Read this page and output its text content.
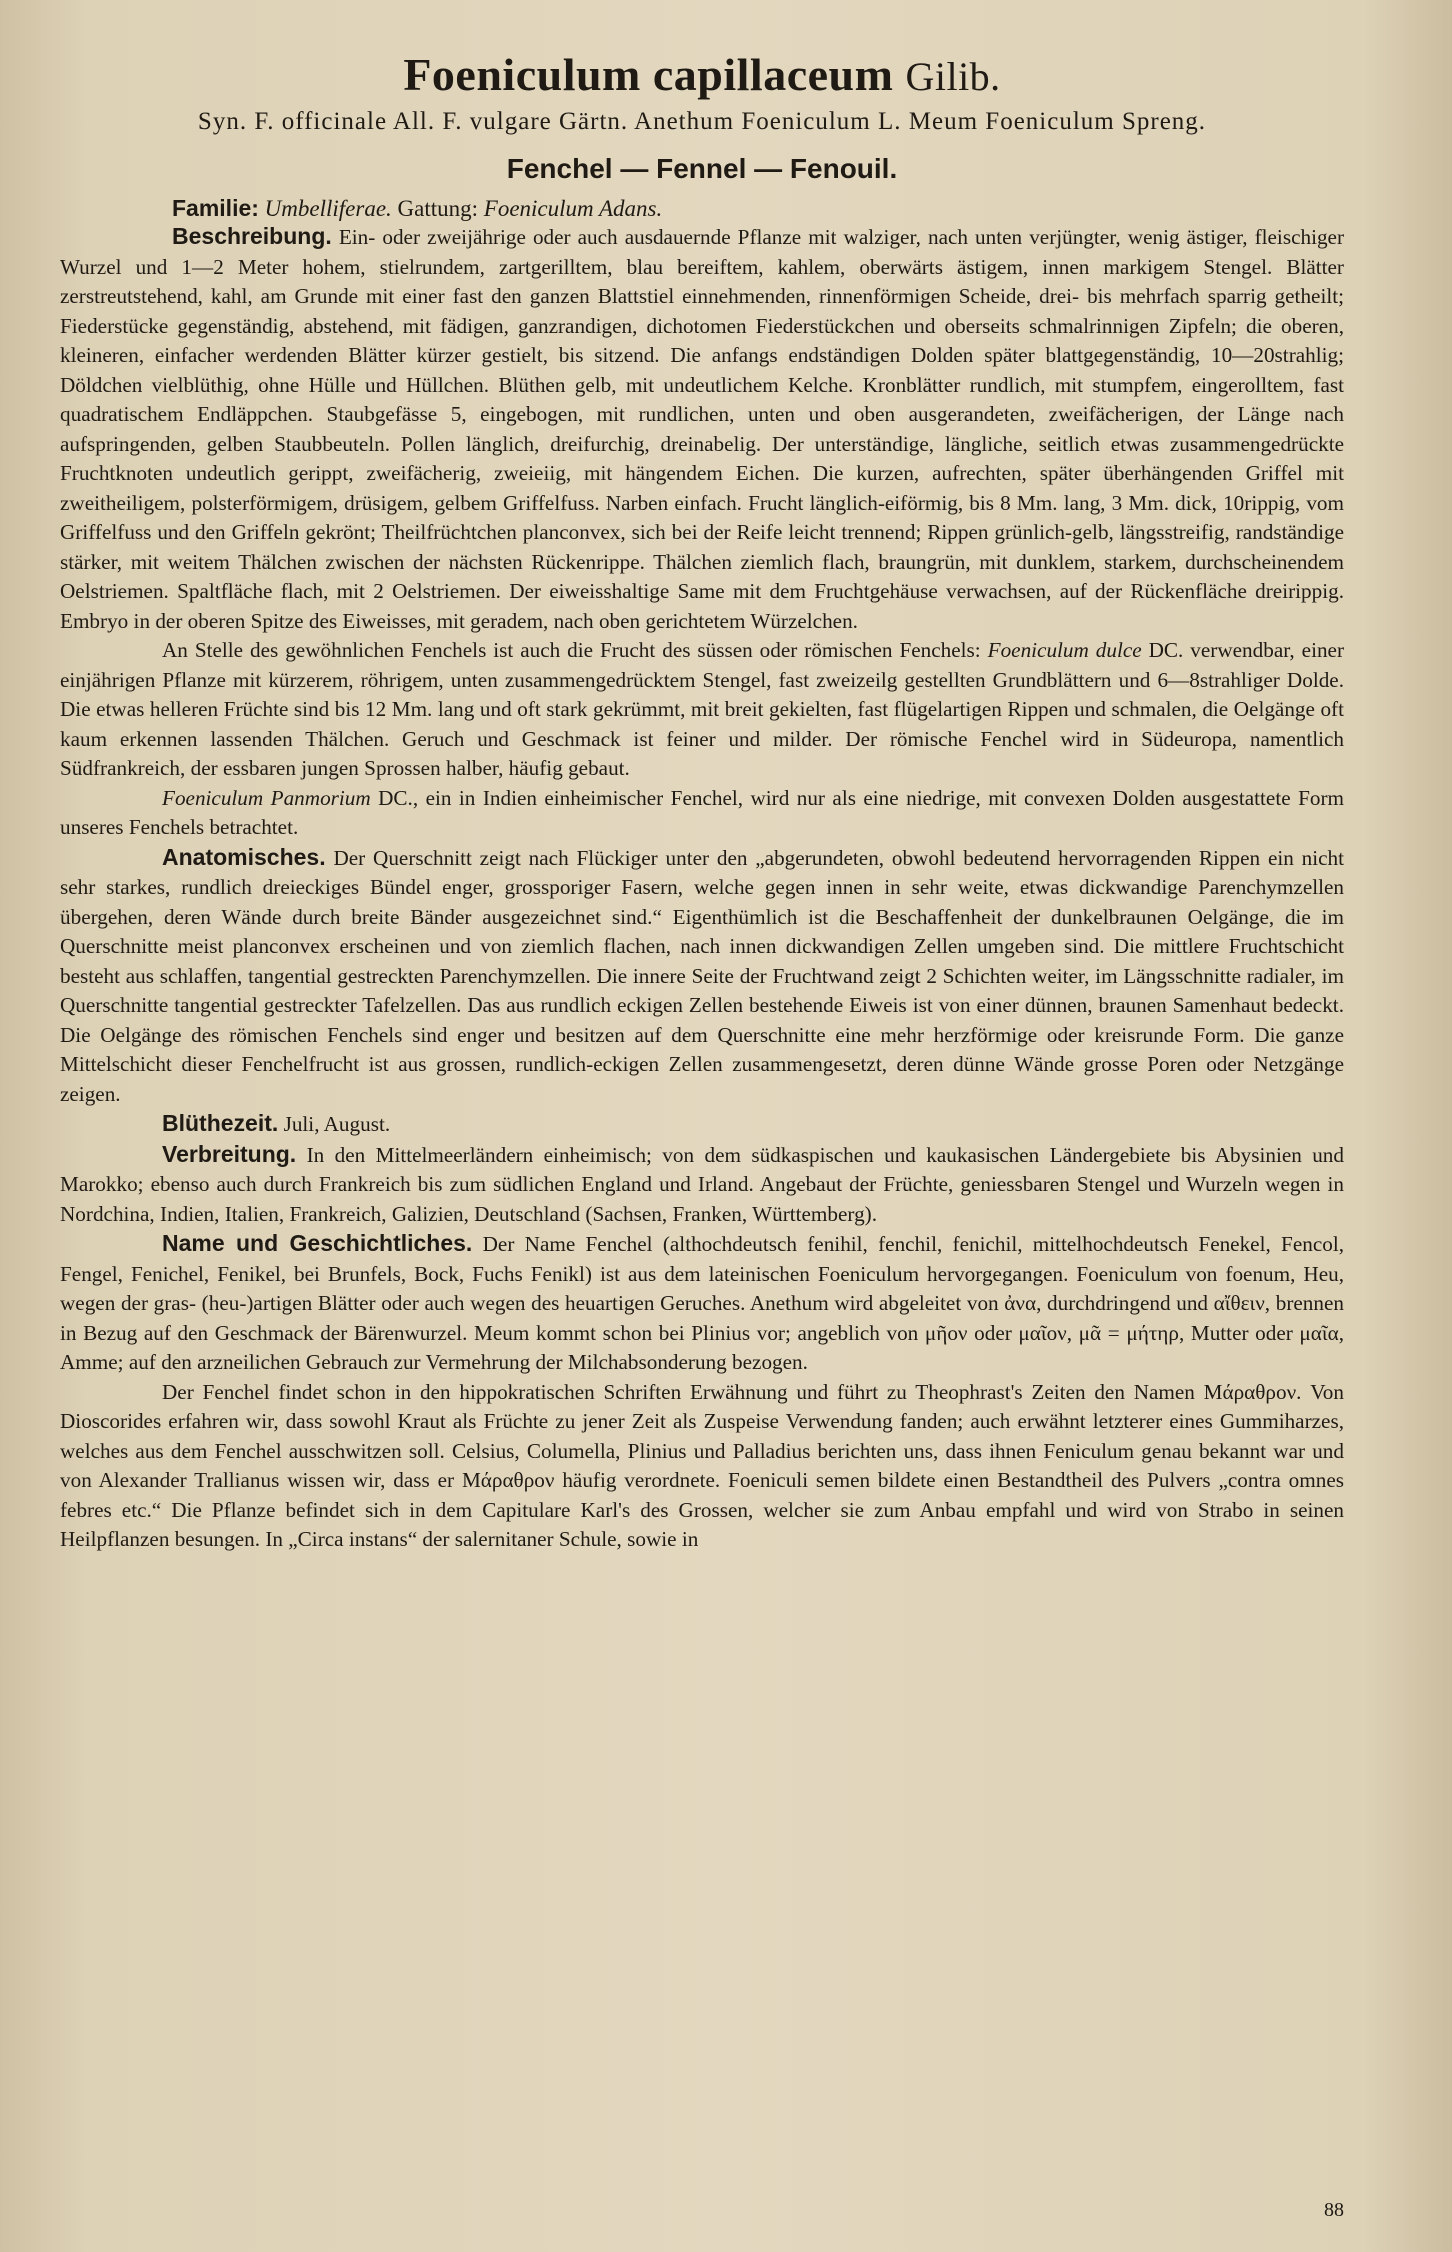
Foeniculum capillaceum Gilib.
Syn. F. officinale All. F. vulgare Gärtn. Anethum Foeniculum L. Meum Foeniculum Spreng.
Fenchel — Fennel — Fenouil.
Familie: Umbelliferae. Gattung: Foeniculum Adans.

Beschreibung. Ein- oder zweijährige oder auch ausdauernde Pflanze mit walziger, nach unten verjüngter, wenig ästiger, fleischiger Wurzel und 1—2 Meter hohem, stielrundem, zartgerilltem, blau bereiftem, kahlem, oberwärts ästigem, innen markigem Stengel. Blätter zerstreutstehend, kahl, am Grunde mit einer fast den ganzen Blattstiel einnehmenden, rinnenförmigen Scheide, drei- bis mehrfach sparrig getheilt; Fiederstücke gegenständig, abstehend, mit fädigen, ganzrandigen, dichotomen Fiederstückchen und oberseits schmalrinnigen Zipfeln; die oberen, kleineren, einfacher werdenden Blätter kürzer gestielt, bis sitzend. Die anfangs endständigen Dolden später blattgegenständig, 10—20strahlig; Döldchen vielblüthig, ohne Hülle und Hüllchen. Blüthen gelb, mit undeutlichem Kelche. Kronblätter rundlich, mit stumpfem, eingerolltem, fast quadratischem Endläppchen. Staubgefässe 5, eingebogen, mit rundlichen, unten und oben ausgerandeten, zweifächerigen, der Länge nach aufspringenden, gelben Staubbeuteln. Pollen länglich, dreifurchig, dreinabelig. Der unterständige, längliche, seitlich etwas zusammengedrückte Fruchtknoten undeutlich gerippt, zweifächerig, zweieiig, mit hängendem Eichen. Die kurzen, aufrechten, später überhängenden Griffel mit zweitheiligem, polsterförmigem, drüsigem, gelbem Griffelfuss. Narben einfach. Frucht länglich-eiförmig, bis 8 Mm. lang, 3 Mm. dick, 10rippig, vom Griffelfuss und den Griffeln gekrönt; Theilfrüchtchen planconvex, sich bei der Reife leicht trennend; Rippen grünlich-gelb, längsstreifig, randständige stärker, mit weitem Thälchen zwischen der nächsten Rückenrippe. Thälchen ziemlich flach, braungrün, mit dunklem, starkem, durchscheinendem Oelstriemen. Spaltfläche flach, mit 2 Oelstriemen. Der eiweisshaltige Same mit dem Fruchtgehäuse verwachsen, auf der Rückenfläche dreirippig. Embryo in der oberen Spitze des Eiweisses, mit geradem, nach oben gerichtetem Würzelchen.

An Stelle des gewöhnlichen Fenchels ist auch die Frucht des süssen oder römischen Fenchels: Foeniculum dulce DC. verwendbar, einer einjährigen Pflanze mit kürzerem, röhrigem, unten zusammengedrücktem Stengel, fast zweizeilg gestellten Grundblättern und 6—8strahliger Dolde. Die etwas helleren Früchte sind bis 12 Mm. lang und oft stark gekrümmt, mit breit gekielten, fast flügelartigen Rippen und schmalen, die Oelgänge oft kaum erkennen lassenden Thälchen. Geruch und Geschmack ist feiner und milder. Der römische Fenchel wird in Südeuropa, namentlich Südfrankreich, der essbaren jungen Sprossen halber, häufig gebaut.

Foeniculum Panmorium DC., ein in Indien einheimischer Fenchel, wird nur als eine niedrige, mit convexen Dolden ausgestattete Form unseres Fenchels betrachtet.

Anatomisches. Der Querschnitt zeigt nach Flückiger unter den „abgerundeten, obwohl bedeutend hervorragenden Rippen ein nicht sehr starkes, rundlich dreieckiges Bündel enger, grossporiger Fasern, welche gegen innen in sehr weite, etwas dickwandige Parenchymzellen übergehen, deren Wände durch breite Bänder ausgezeichnet sind.“ Eigenthümlich ist die Beschaffenheit der dunkelbraunen Oelgänge, die im Querschnitte meist planconvex erscheinen und von ziemlich flachen, nach innen dickwandigen Zellen umgeben sind. Die mittlere Fruchtschicht besteht aus schlaffen, tangential gestreckten Parenchymzellen. Die innere Seite der Fruchtwand zeigt 2 Schichten weiter, im Längsschnitte radialer, im Querschnitte tangential gestreckter Tafelzellen. Das aus rundlich eckigen Zellen bestehende Eiweis ist von einer dünnen, braunen Samenhaut bedeckt. Die Oelgänge des römischen Fenchels sind enger und besitzen auf dem Querschnitte eine mehr herzförmige oder kreisrunde Form. Die ganze Mittelschicht dieser Fenchelfrucht ist aus grossen, rundlich-eckigen Zellen zusammengesetzt, deren dünne Wände grosse Poren oder Netzgänge zeigen.

Blüthezeit. Juli, August.

Verbreitung. In den Mittelmeerländern einheimisch; von dem südkaspischen und kaukasischen Ländergebiete bis Abysinien und Marokko; ebenso auch durch Frankreich bis zum südlichen England und Irland. Angebaut der Früchte, geniessbaren Stengel und Wurzeln wegen in Nordchina, Indien, Italien, Frankreich, Galizien, Deutschland (Sachsen, Franken, Württemberg).

Name und Geschichtliches. Der Name Fenchel (althochdeutsch fenihil, fenchil, fenichil, mittelhochdeutsch Fenekel, Fencol, Fengel, Fenichel, Fenikel, bei Brunfels, Bock, Fuchs Fenikl) ist aus dem lateinischen Foeniculum hervorgegangen. Foeniculum von foenum, Heu, wegen der gras- (heu-)artigen Blätter oder auch wegen des heuartigen Geruches. Anethum wird abgeleitet von ἀνα, durchdringend und αἴθειν, brennen in Bezug auf den Geschmack der Bärenwurzel. Meum kommt schon bei Plinius vor; angeblich von μῆον oder μαῖον, μᾶ = μήτηρ, Mutter oder μαῖα, Amme; auf den arzneilichen Gebrauch zur Vermehrung der Milchabsonderung bezogen.

Der Fenchel findet schon in den hippokratischen Schriften Erwähnung und führt zu Theophrast's Zeiten den Namen Μάραθρον. Von Dioscorides erfahren wir, dass sowohl Kraut als Früchte zu jener Zeit als Zuspeise Verwendung fanden; auch erwähnt letzterer eines Gummiharzes, welches aus dem Fenchel ausschwitzen soll. Celsius, Columella, Plinius und Palladius berichten uns, dass ihnen Feniculum genau bekannt war und von Alexander Trallianus wissen wir, dass er Μάραθρον häufig verordnete. Foeniculi semen bildete einen Bestandtheil des Pulvers „contra omnes febres etc.“ Die Pflanze befindet sich in dem Capitulare Karl's des Grossen, welcher sie zum Anbau empfahl und wird von Strabo in seinen Heilpflanzen besungen. In „Circa instans“ der salernitaner Schule, sowie in

88
